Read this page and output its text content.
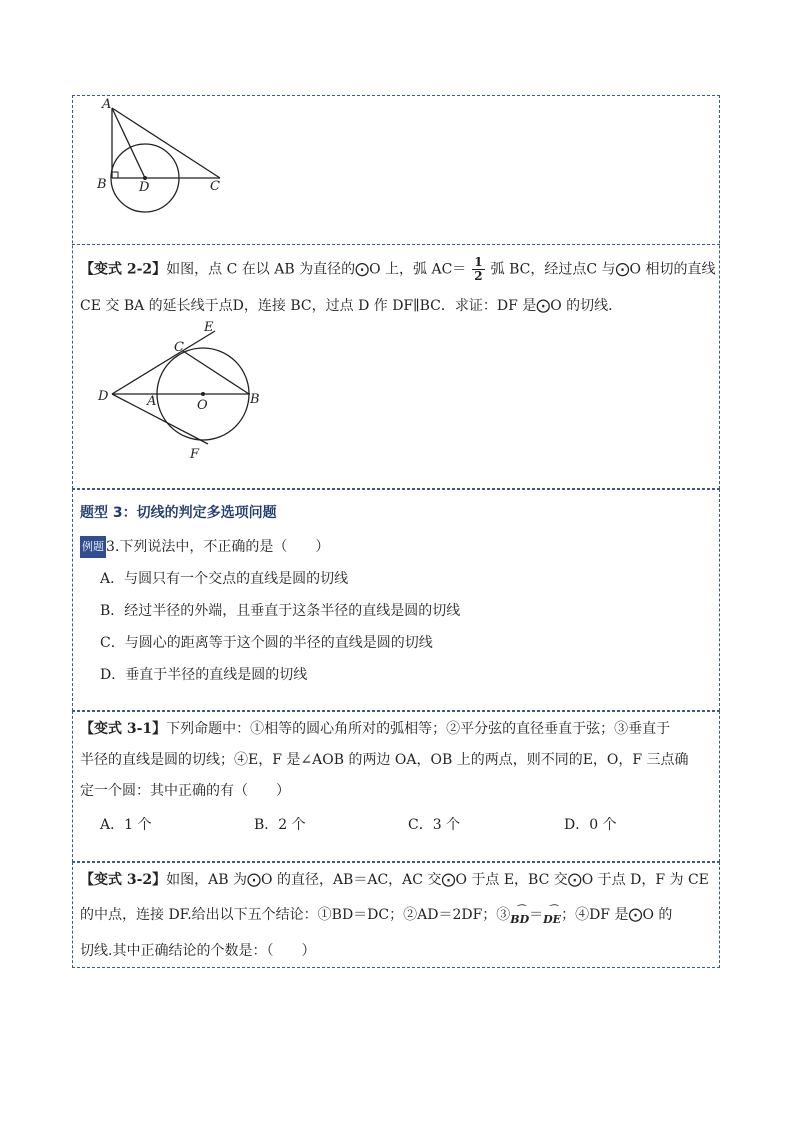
A
B D	C
【变式 2-2】如图，点 C 在以 AB 为直径的⨀O 上，弧 $AC= \frac{1}{2}$ 弧 BC，经过点C 与⨀O 相切的直线
CE 交 BA 的延长线于点D，连接 BC，过点 D 作 DF∥BC．求证：DF 是⨀O 的切线．
E
C
D	A	O	B
F
题型 3：切线的判定多选项问题
例题 3.下列说法中，不正确的是（　　）
A．与圆只有一个交点的直线是圆的切线
B．经过半径的外端，且垂直于这条半径的直线是圆的切线
C．与圆心的距离等于这个圆的半径的直线是圆的切线
D．垂直于半径的直线是圆的切线
【变式 3-1】下列命题中：①相等的圆心角所对的弧相等；②平分弦的直径垂直于弦；③垂直于
半径的直线是圆的切线；④E，F 是∠AOB 的两边 OA，OB 上的两点，则不同的E，O，F 三点确
定一个圆：其中正确的有（　　）
A．1 个	B．2 个	C．3 个	D．0 个
【变式 3-2】如图，AB 为⨀O 的直径，AB＝AC，AC 交⨀O 于点 E，BC 交⨀O 于点 D，F 为 CE
的中点，连接 DF.给出以下五个结论：①BD＝DC；②AD＝2DF；③ ⌒
BD＝ ⌒
DE；④DF 是⨀O 的
切线.其中正确结论的个数是：（　　）
